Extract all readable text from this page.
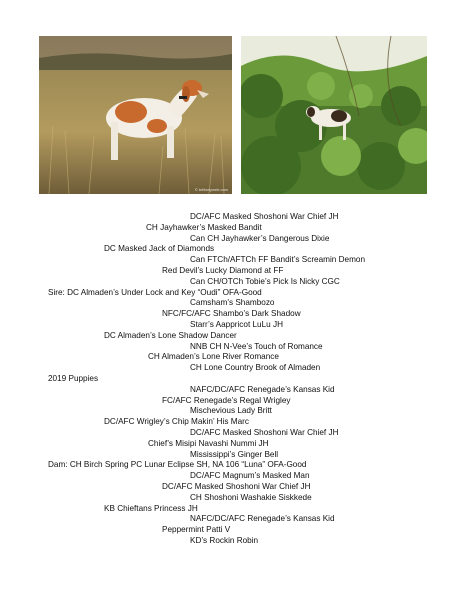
© brittanyweb.com
DC/AFC Masked Shoshoni War Chief JH
CH Jayhawker’s Masked Bandit
Can CH Jayhawker’s Dangerous Dixie
DC Masked Jack of Diamonds
Can FTCh/AFTCh FF Bandit’s Screamin Demon
Red Devil’s Lucky Diamond at FF
Can CH/OTCh Tobie’s Pick Is Nicky CGC
Sire: DC Almaden’s Under Lock and Key “Oudi” OFA-Good
Camsham’s Shambozo
NFC/FC/AFC Shambo’s Dark Shadow
Starr’s Aappricot LuLu JH
DC Almaden’s Lone Shadow Dancer
NNB CH N-Vee’s Touch of Romance
CH Almaden’s Lone River Romance
CH Lone Country Brook of Almaden
2019 Puppies
NAFC/DC/AFC Renegade’s Kansas Kid
FC/AFC Renegade’s Regal Wrigley
Mischevious Lady Britt
DC/AFC Wrigley’s Chip Makin’ His Marc
DC/AFC Masked Shoshoni War Chief JH
Chief’s Misipi Navashi Nummi JH
Mississippi’s Ginger Bell
Dam: CH Birch Spring PC Lunar Eclipse SH, NA 106 “Luna” OFA-Good
DC/AFC Magnum’s Masked Man
DC/AFC Masked Shoshoni War Chief JH
CH Shoshoni Washakie Siskkede
KB Chieftans Princess JH
NAFC/DC/AFC Renegade’s Kansas Kid
Peppermint Patti V
KD’s Rockin Robin
